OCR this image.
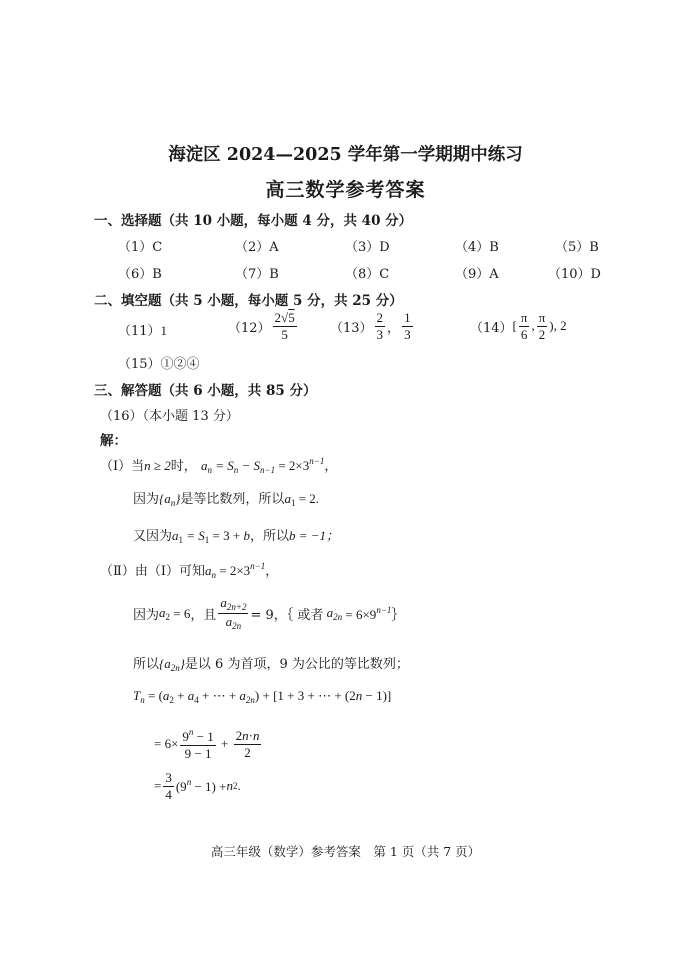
海淀区 2024—2025 学年第一学期期中练习
高三数学参考答案
一、选择题（共 10 小题，每小题 4 分，共 40 分）
（1）C	（2）A	（3）D	（4）B	（5）B
（6）B	（7）B	（8）C	（9）A	（10）D
二、填空题（共 5 小题，每小题 5 分，共 25 分）
（11）1	$(12) \frac{2√5}{5}$	$(13) \frac{2}{3}$ ， $\frac{1}{3}$	（14） [ $\frac{\pi}{6}$ , $\frac{\pi}{2}$ ), 2
（15）①②④
三、解答题（共 6 小题，共 85 分）
（16）（本小题 13 分）
解：
（Ⅰ）当n ≥ 2时， $a_n = S_n - S_{n-1} = 2\times 3^{n-1}$，
因为$\{a_n\}$是等比数列，所以$a_1 = 2$.
又因为$a_1 = S_1 = 3 + b$，所以b = −1；
（Ⅱ）由（Ⅰ）可知$a_n = 2\times 3^{n-1}$，
因为 $a_2 = 6$ ，且 $\frac{a_{2n+2}}{a_{2n}} = 9$，｛ 或者 $a_{2n} = 6\times 9^{n-1}$ ｝
所以$\{a_{2n}\}$是以 6 为首项，9 为公比的等比数列；
$T_n = (a_2 + a_4$ + ⋯ + $a_{2n}) + [1 + 3$ + ⋯ + (2n − 1)]
= $6\times \frac{9^n - 1}{9 - 1} + \frac{2n\cdot n}{2}$
= $\frac{3}{4} (9^n - 1) + n$ 2 .
高三年级（数学）参考答案　第 1 页（共 7 页）
